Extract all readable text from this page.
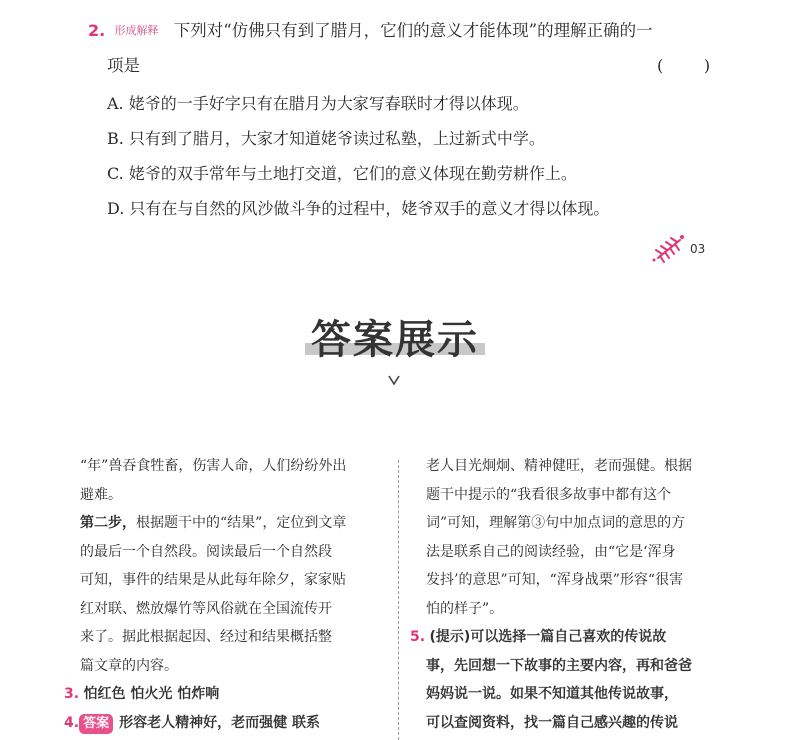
2. 形成解释 下列对“仿佛只有到了腊月，它们的意义才能体现”的理解正确的一
项是	(        )
A. 姥爷的一手好字只有在腊月为大家写春联时才得以体现。
B. 只有到了腊月，大家才知道姥爷读过私塾，上过新式中学。
C. 姥爷的双手常年与土地打交道，它们的意义体现在勤劳耕作上。
D. 只有在与自然的风沙做斗争的过程中，姥爷双手的意义才得以体现。
03
答案展示
“年”兽吞食牲畜，伤害人命，人们纷纷外出
避难。
第二步，根据题干中的“结果”，定位到文章
的最后一个自然段。阅读最后一个自然段
可知，事件的结果是从此每年除夕，家家贴
红对联、燃放爆竹等风俗就在全国流传开
来了。据此根据起因、经过和结果概括整
篇文章的内容。
3. 怕红色 怕火光 怕炸响
4. 答案 形容老人精神好，老而强健 联系
老人目光炯炯、精神健旺，老而强健。根据
题干中提示的“我看很多故事中都有这个
词”可知，理解第③句中加点词的意思的方
法是联系自己的阅读经验，由“它是‘浑身
发抖’的意思”可知，“浑身战栗”形容“很害
怕的样子”。
5. (提示)可以选择一篇自己喜欢的传说故
事，先回想一下故事的主要内容，再和爸爸
妈妈说一说。如果不知道其他传说故事，
可以查阅资料，找一篇自己感兴趣的传说
